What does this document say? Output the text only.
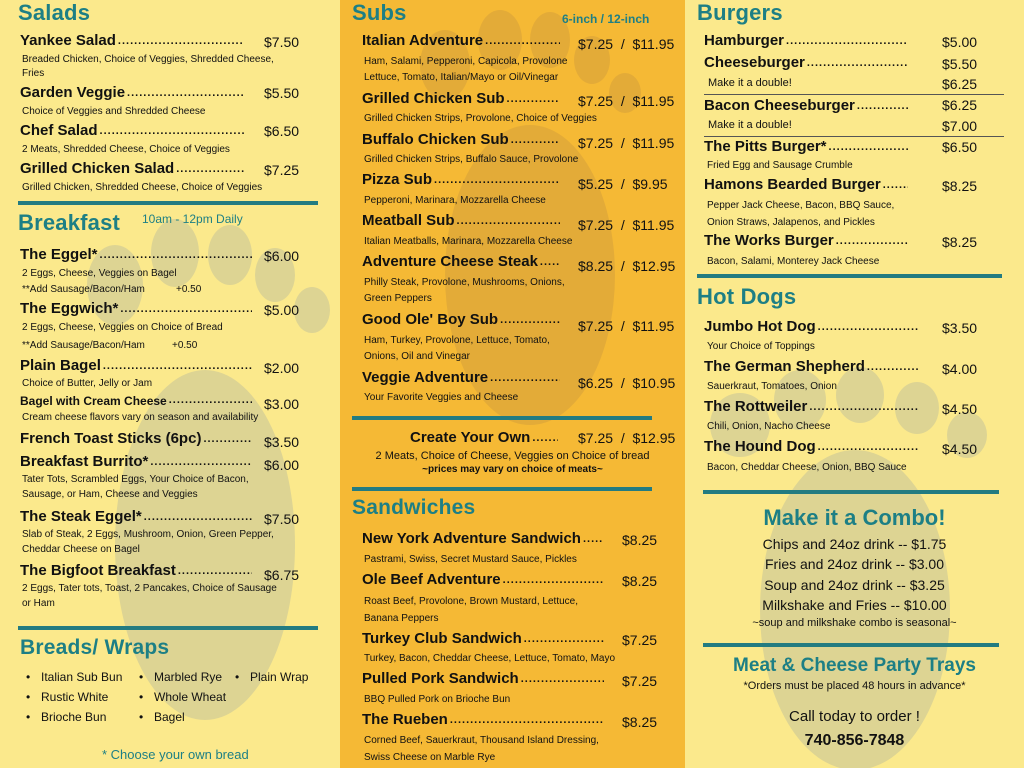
Salads
Yankee Salad .....	$7.50
Breaded Chicken, Choice of Veggies, Shredded Cheese,
Fries
Garden Veggie .....	$5.50
Choice of Veggies and Shredded Cheese
Chef Salad .....	$6.50
2 Meats, Shredded Cheese, Choice of Veggies
Grilled Chicken Salad .....	$7.25
Grilled Chicken, Shredded Cheese, Choice of Veggies
Breakfast 10am - 12pm Daily
The Eggel* .....	$6.00
2 Eggs, Cheese, Veggies on Bagel
**Add Sausage/Bacon/Ham	+0.50
The Eggwich* .....	$5.00
2 Eggs, Cheese, Veggies on Choice of Bread
**Add Sausage/Bacon/Ham	+0.50
Plain Bagel .....	$2.00
Choice of Butter, Jelly or Jam
Bagel with Cream Cheese .....	$3.00
Cream cheese flavors vary on season and availability
French Toast Sticks (6pc) .....	$3.50
Breakfast Burrito* .....	$6.00
Tater Tots, Scrambled Eggs, Your Choice of Bacon,
Sausage, or Ham, Cheese and Veggies
The Steak Eggel* .....	$7.50
Slab of Steak, 2 Eggs, Mushroom, Onion, Green Pepper,
Cheddar Cheese on Bagel
The Bigfoot Breakfast .....	$6.75
2 Eggs, Tater tots, Toast, 2 Pancakes, Choice of Sausage
or Ham
Breads/ Wraps
• Italian Sub Bun
• Rustic White
• Brioche Bun
• Marbled Rye
• Whole Wheat
• Bagel
• Plain Wrap
* Choose your own bread
Subs	6-inch / 12-inch
Italian Adventure .....	$7.25  /  $11.95
Ham, Salami, Pepperoni, Capicola, Provolone
Lettuce, Tomato, Italian/Mayo or Oil/Vinegar
Grilled Chicken Sub .....	$7.25  /  $11.95
Grilled Chicken Strips, Provolone, Choice of Veggies
Buffalo Chicken Sub .....	$7.25  /  $11.95
Grilled Chicken Strips, Buffalo Sauce, Provolone
Pizza Sub .....	$5.25  /  $9.95
Pepperoni, Marinara, Mozzarella Cheese
Meatball Sub .....	$7.25  /  $11.95
Italian Meatballs, Marinara, Mozzarella Cheese
Adventure Cheese Steak .....	$8.25  /  $12.95
Philly Steak, Provolone, Mushrooms, Onions,
Green Peppers
Good Ole' Boy Sub .....	$7.25  /  $11.95
Ham, Turkey, Provolone, Lettuce, Tomato,
Onions, Oil and Vinegar
Veggie Adventure .....	$6.25  /  $10.95
Your Favorite Veggies and Cheese
Create Your Own .....	$7.25  /  $12.95
2 Meats, Choice of Cheese, Veggies on Choice of bread
~prices may vary on choice of meats~
Sandwiches
New York Adventure Sandwich .....	$8.25
Pastrami, Swiss, Secret Mustard Sauce, Pickles
Ole Beef Adventure .....	$8.25
Roast Beef, Provolone, Brown Mustard, Lettuce,
Banana Peppers
Turkey Club Sandwich .....	$7.25
Turkey, Bacon, Cheddar Cheese, Lettuce, Tomato, Mayo
Pulled Pork Sandwich .....	$7.25
BBQ Pulled Pork on Brioche Bun
The Rueben .....	$8.25
Corned Beef, Sauerkraut, Thousand Island Dressing,
Swiss Cheese on Marble Rye
Burgers
Hamburger .....	$5.00
Cheeseburger .....	$5.50
Make it a double!	$6.25
Bacon Cheeseburger .....	$6.25
Make it a double!	$7.00
The Pitts Burger* .....	$6.50
Fried Egg and Sausage Crumble
Hamons Bearded Burger .....	$8.25
Pepper Jack Cheese, Bacon, BBQ Sauce,
Onion Straws, Jalapenos, and Pickles
The Works Burger .....	$8.25
Bacon, Salami, Monterey Jack Cheese
Hot Dogs
Jumbo Hot Dog .....	$3.50
Your Choice of Toppings
The German Shepherd .....	$4.00
Sauerkraut, Tomatoes, Onion
The Rottweiler .....	$4.50
Chili, Onion, Nacho Cheese
The Hound Dog .....	$4.50
Bacon, Cheddar Cheese, Onion, BBQ Sauce
Make it a Combo!
Chips and 24oz drink -- $1.75
Fries and 24oz drink -- $3.00
Soup and 24oz drink -- $3.25
Milkshake and Fries -- $10.00
~soup and milkshake combo is seasonal~
Meat & Cheese Party Trays
*Orders must be placed 48 hours in advance*
Call today to order !
740-856-7848
